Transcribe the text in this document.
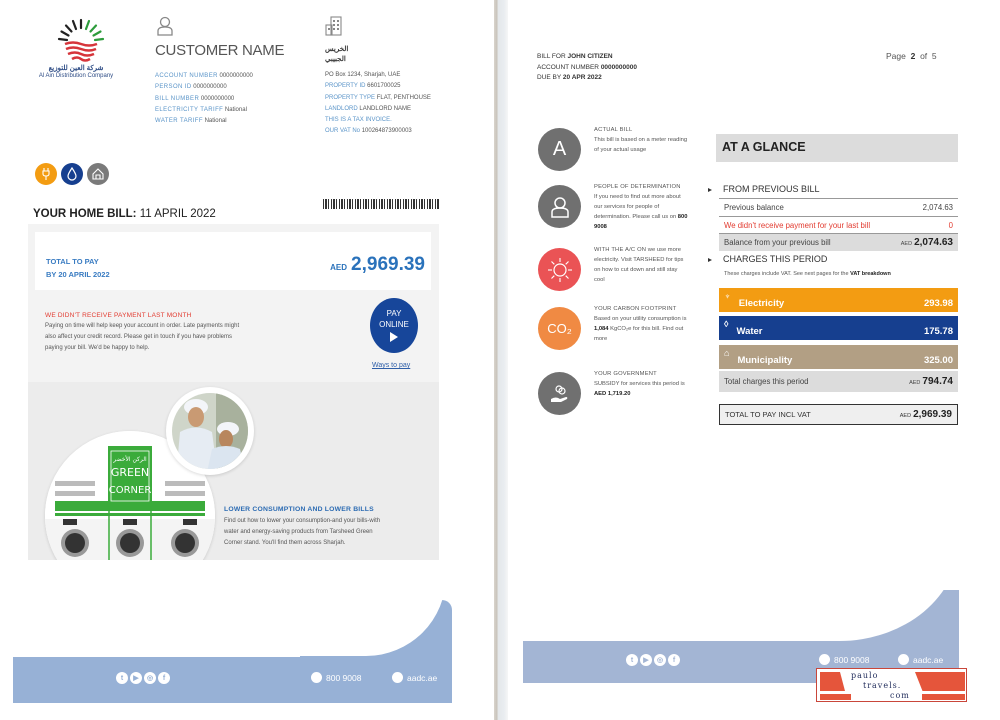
شركة العين للتوزيع
Al Ain Distribution Company
CUSTOMER NAME
ACCOUNT NUMBER 0000000000
PERSON ID 0000000000
BILL NUMBER 0000000000
ELECTRICITY TARIFF National
WATER TARIFF National
الخريس
الجبيبي
PO Box 1234, Sharjah, UAE
PROPERTY ID 6601700025
PROPERTY TYPE FLAT, PENTHOUSE
LANDLORD LANDLORD NAME
THIS IS A TAX INVOICE.
OUR VAT No 100264873900003
YOUR HOME BILL: 11 APRIL 2022
TOTAL TO PAY
BY 20 APRIL 2022
AED 2,969.39
WE DIDN'T RECEIVE PAYMENT LAST MONTH
Paying on time will help keep your account in order. Late payments might also affect your credit record. Please get in touch if you have problems paying your bill. We'd be happy to help.
PAY
ONLINE
Ways to pay
الركن الأخضر
GREEN
CORNER
LOWER CONSUMPTION AND LOWER BILLS
Find out how to lower your consumption-and your bills-with water and energy-saving products from Tarsheed Green Corner stand. You'll find them across Sharjah.
t	▶	◎	f	800 9008	aadc.ae
BILL FOR JOHN CITIZEN
ACCOUNT NUMBER 0000000000
DUE BY 20 APR 2022
Page 2 of 5
A
ACTUAL BILL
This bill is based on a meter reading of your actual usage
PEOPLE OF DETERMINATION
If you need to find out more about our services for people of determination. Please call us on 800 9008
WITH THE A/C ON we use more electricity. Visit TARSHEED for tips on how to cut down and still stay cool
CO₂
YOUR CARBON FOOTPRINT
Based on your utility consumption is 1,084 KgCO₂e for this bill. Find out more
YOUR GOVERNMENT
SUBSIDY for services this period is AED 1,719.20
AT A GLANCE
FROM PREVIOUS BILL
Previous balance	2,074.63
We didn't receive payment for your last bill	0
Balance from your previous bill	AED 2,074.63
CHARGES THIS PERIOD
These charges include VAT. See next pages for the VAT breakdown
♆
Electricity	293.98
◊
Water	175.78
⌂
Municipality	325.00
Total charges this period	AED 794.74
TOTAL TO PAY INCL VAT	AED 2,969.39
t	▶	◎	f	800 9008	aadc.ae
paulo
travels.
com
